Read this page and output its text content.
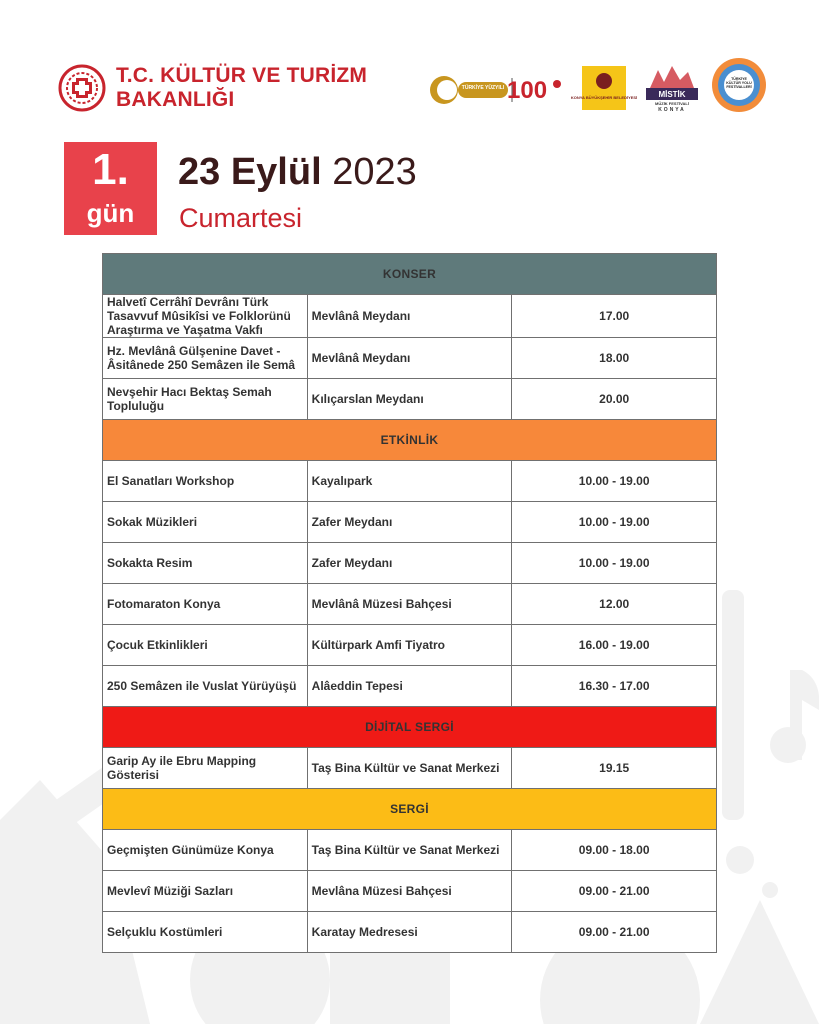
T.C. KÜLTÜR VE TURİZM
BAKANLIĞI	TÜRKİYE YÜZYILI 100	KONYA BÜYÜKŞEHİR BELEDİYESİ	MİSTİK
MÜZİK FESTİVALİ
KONYA
TÜRKİYE KÜLTÜR YOLU FESTİVALLERİ
1.
gün
23 Eylül 2023
Cumartesi
KONSER		
Halvetî Cerrâhî Devrânı Türk Tasavvuf Mûsikîsi ve Folklorünü Araştırma ve Yaşatma Vakfı	Mevlânâ Meydanı	17.00
Hz. Mevlânâ Gülşenine Davet - Âsitânede 250 Semâzen ile Semâ	Mevlânâ Meydanı	18.00
Nevşehir Hacı Bektaş Semah Topluluğu	Kılıçarslan Meydanı	20.00
ETKİNLİK		
El Sanatları Workshop	Kayalıpark	10.00 - 19.00
Sokak Müzikleri	Zafer Meydanı	10.00 - 19.00
Sokakta Resim	Zafer Meydanı	10.00 - 19.00
Fotomaraton Konya	Mevlânâ Müzesi Bahçesi	12.00
Çocuk Etkinlikleri	Kültürpark Amfi Tiyatro	16.00 - 19.00
250 Semâzen ile Vuslat Yürüyüşü	Alâeddin Tepesi	16.30 - 17.00
DİJİTAL SERGİ		
Garip Ay ile Ebru Mapping Gösterisi	Taş Bina Kültür ve Sanat Merkezi	19.15
SERGİ		
Geçmişten Günümüze Konya	Taş Bina Kültür ve Sanat Merkezi	09.00 - 18.00
Mevlevî Müziği Sazları	Mevlâna Müzesi Bahçesi	09.00 - 21.00
Selçuklu Kostümleri	Karatay Medresesi	09.00 - 21.00
